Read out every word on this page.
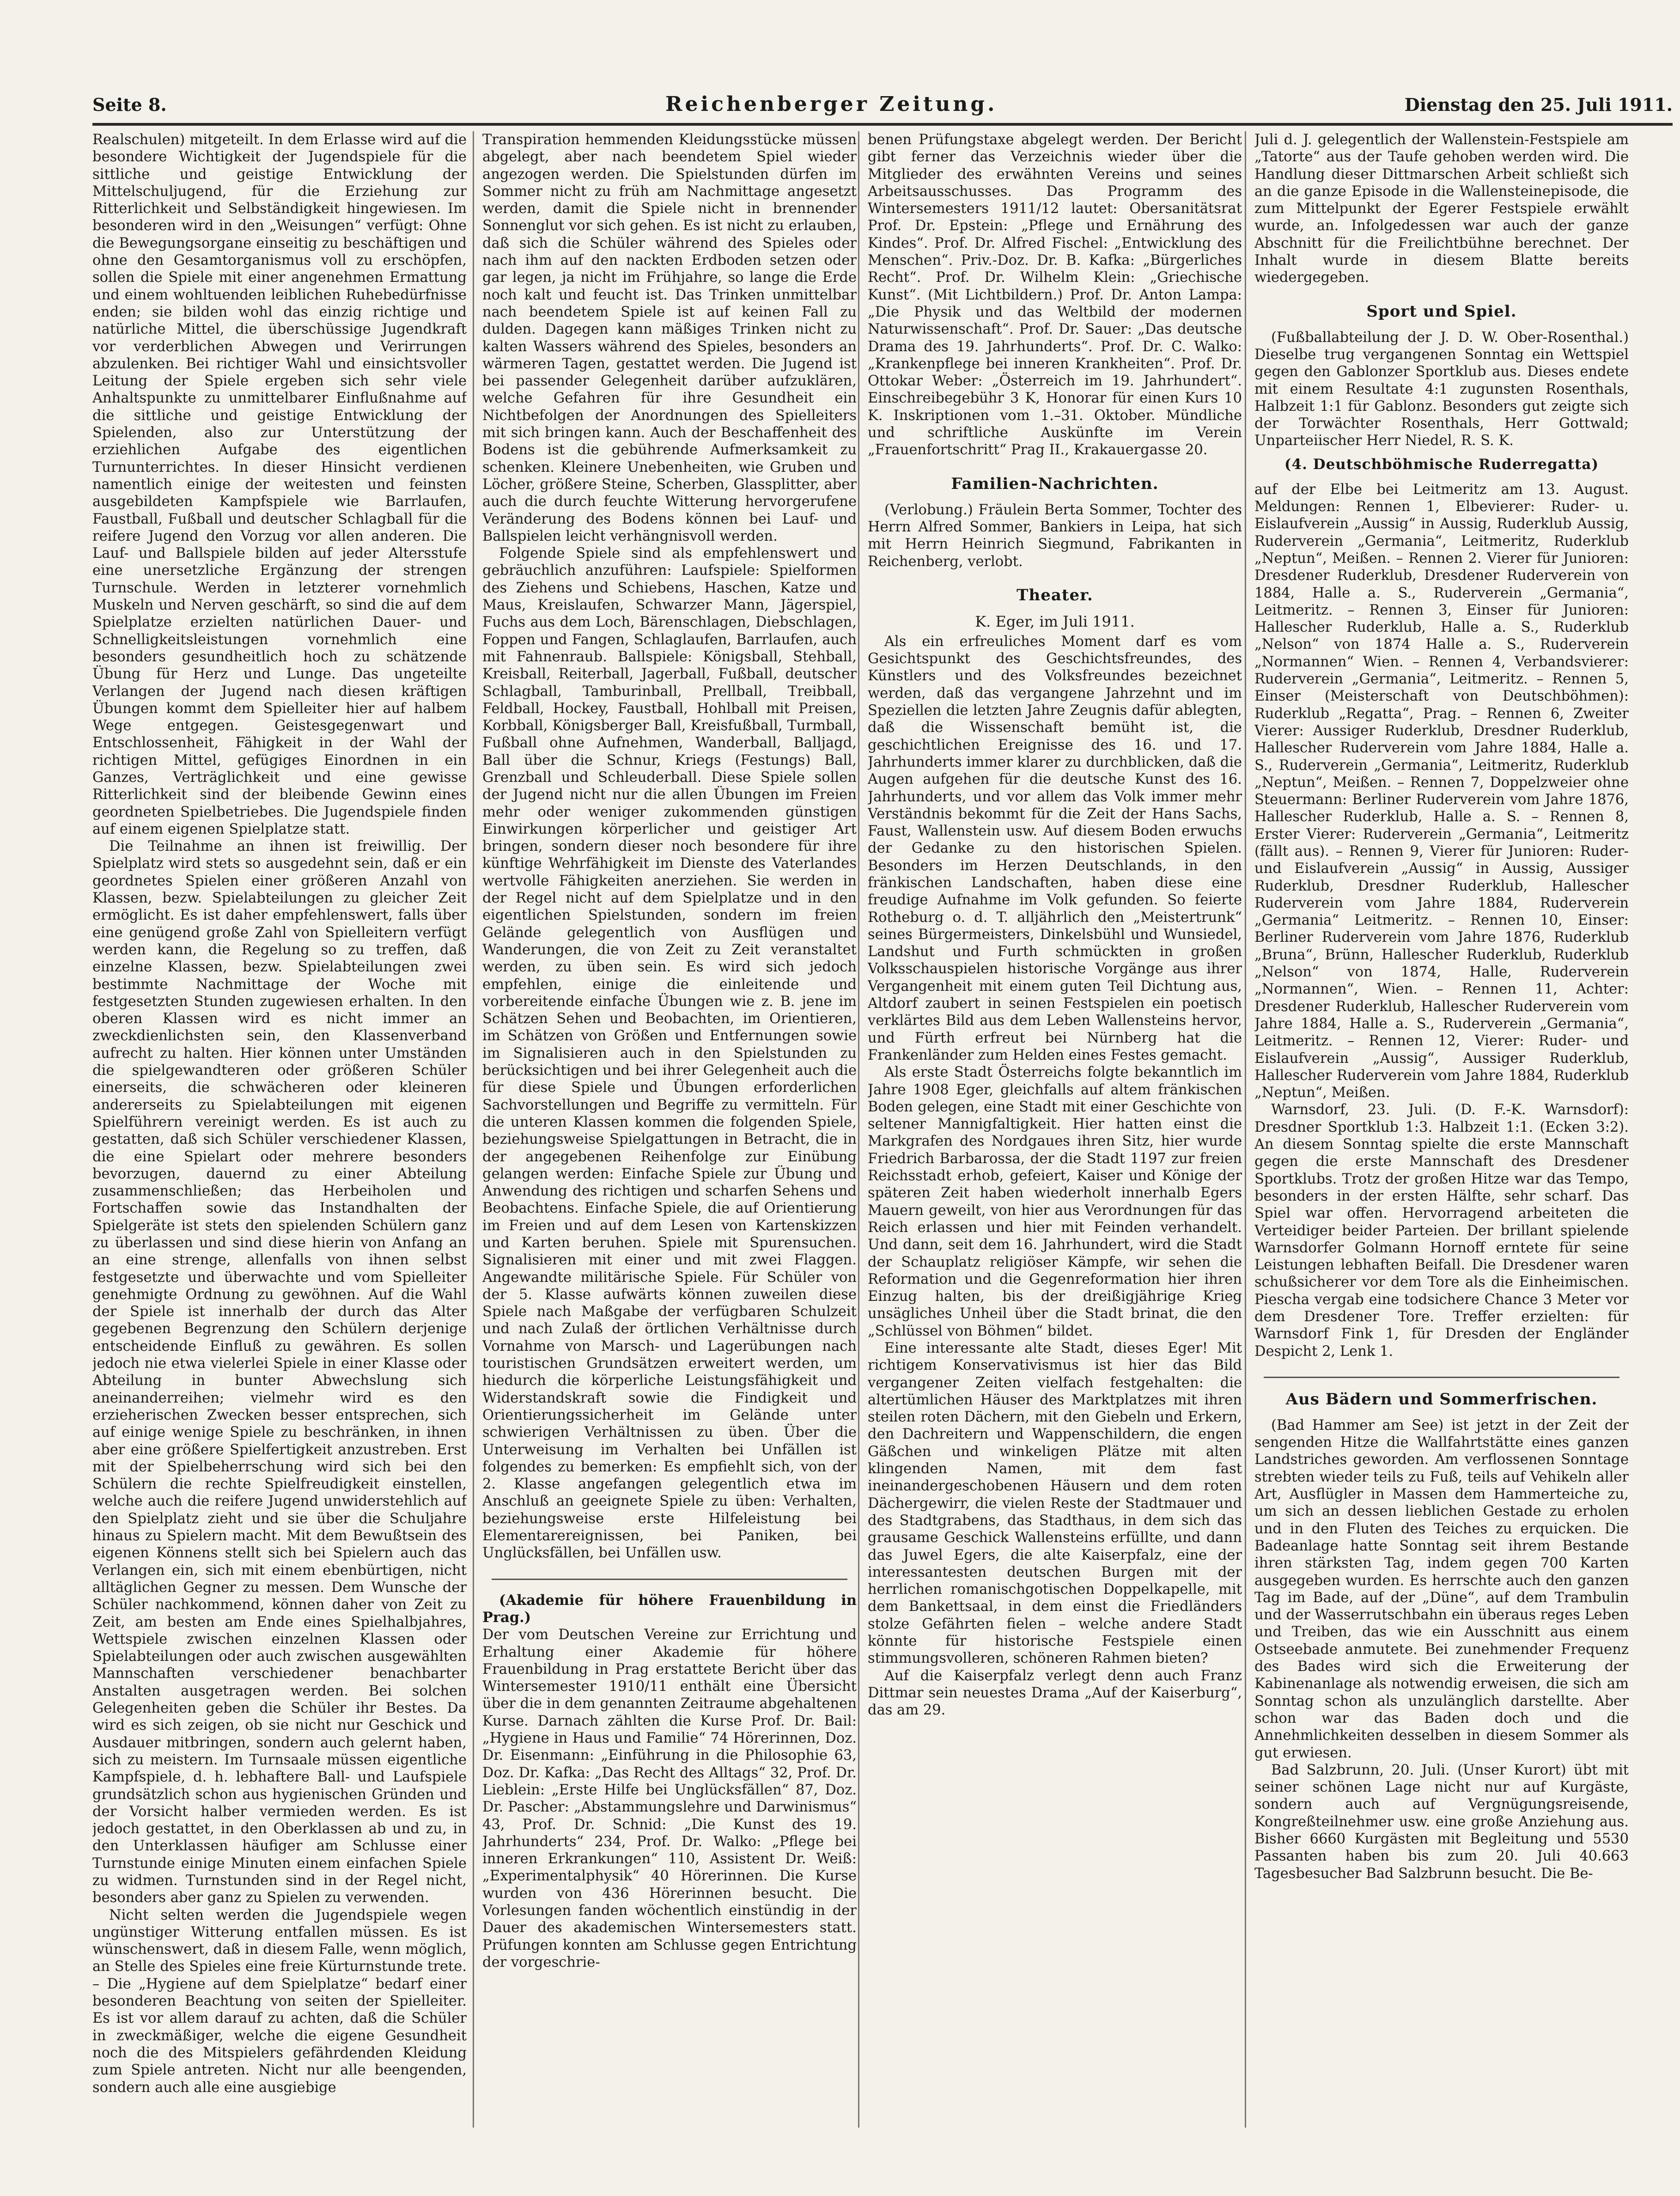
Seite 8.	Reichenberger Zeitung.	Dienstag den 25. Juli 1911.

Realschulen) mitgeteilt. In dem Erlasse wird auf die besondere Wichtigkeit der Jugendspiele für die sittliche und geistige Entwicklung der Mittelschuljugend, für die Erziehung zur Ritterlichkeit und Selbständigkeit hingewiesen. Im besonderen wird in den „Weisungen“ verfügt: Ohne die Bewegungsorgane einseitig zu beschäftigen und ohne den Gesamtorganismus voll zu erschöpfen, sollen die Spiele mit einer angenehmen Ermattung und einem wohltuenden leiblichen Ruhebedürfnisse enden; sie bilden wohl das einzig richtige und natürliche Mittel, die überschüssige Jugendkraft vor verderblichen Abwegen und Verirrungen abzulenken. Bei richtiger Wahl und einsichtsvoller Leitung der Spiele ergeben sich sehr viele Anhaltspunkte zu unmittelbarer Einflußnahme auf die sittliche und geistige Entwicklung der Spielenden, also zur Unterstützung der erziehlichen Aufgabe des eigentlichen Turnunterrichtes. In dieser Hinsicht verdienen namentlich einige der weitesten und feinsten ausgebildeten Kampfspiele wie Barrlaufen, Faustball, Fußball und deutscher Schlagball für die reifere Jugend den Vorzug vor allen anderen. Die Lauf- und Ballspiele bilden auf jeder Altersstufe eine unersetzliche Ergänzung der strengen Turnschule. Werden in letzterer vornehmlich Muskeln und Nerven geschärft, so sind die auf dem Spielplatze erzielten natürlichen Dauer- und Schnelligkeitsleistungen vornehmlich eine besonders gesundheitlich hoch zu schätzende Übung für Herz und Lunge. Das ungeteilte Verlangen der Jugend nach diesen kräftigen Übungen kommt dem Spielleiter hier auf halbem Wege entgegen. Geistesgegenwart und Entschlossenheit, Fähigkeit in der Wahl der richtigen Mittel, gefügiges Einordnen in ein Ganzes, Verträglichkeit und eine gewisse Ritterlichkeit sind der bleibende Gewinn eines geordneten Spielbetriebes. Die Jugendspiele finden auf einem eigenen Spielplatze statt.

Die Teilnahme an ihnen ist freiwillig. Der Spielplatz wird stets so ausgedehnt sein, daß er ein geordnetes Spielen einer größeren Anzahl von Klassen, bezw. Spielabteilungen zu gleicher Zeit ermöglicht. Es ist daher empfehlenswert, falls über eine genügend große Zahl von Spielleitern verfügt werden kann, die Regelung so zu treffen, daß einzelne Klassen, bezw. Spielabteilungen zwei bestimmte Nachmittage der Woche mit festgesetzten Stunden zugewiesen erhalten. In den oberen Klassen wird es nicht immer an zweckdienlichsten sein, den Klassenverband aufrecht zu halten. Hier können unter Umständen die spielgewandteren oder größeren Schüler einerseits, die schwächeren oder kleineren andererseits zu Spielabteilungen mit eigenen Spielführern vereinigt werden. Es ist auch zu gestatten, daß sich Schüler verschiedener Klassen, die eine Spielart oder mehrere besonders bevorzugen, dauernd zu einer Abteilung zusammenschließen; das Herbeiholen und Fortschaffen sowie das Instandhalten der Spielgeräte ist stets den spielenden Schülern ganz zu überlassen und sind diese hierin von Anfang an an eine strenge, allenfalls von ihnen selbst festgesetzte und überwachte und vom Spielleiter genehmigte Ordnung zu gewöhnen. Auf die Wahl der Spiele ist innerhalb der durch das Alter gegebenen Begrenzung den Schülern derjenige entscheidende Einfluß zu gewähren. Es sollen jedoch nie etwa vielerlei Spiele in einer Klasse oder Abteilung in bunter Abwechslung sich aneinanderreihen; vielmehr wird es den erzieherischen Zwecken besser entsprechen, sich auf einige wenige Spiele zu beschränken, in ihnen aber eine größere Spielfertigkeit anzustreben. Erst mit der Spielbeherrschung wird sich bei den Schülern die rechte Spielfreudigkeit einstellen, welche auch die reifere Jugend unwiderstehlich auf den Spielplatz zieht und sie über die Schuljahre hinaus zu Spielern macht. Mit dem Bewußtsein des eigenen Könnens stellt sich bei Spielern auch das Verlangen ein, sich mit einem ebenbürtigen, nicht alltäglichen Gegner zu messen. Dem Wunsche der Schüler nachkommend, können daher von Zeit zu Zeit, am besten am Ende eines Spielhalbjahres, Wettspiele zwischen einzelnen Klassen oder Spielabteilungen oder auch zwischen ausgewählten Mannschaften verschiedener benachbarter Anstalten ausgetragen werden. Bei solchen Gelegenheiten geben die Schüler ihr Bestes. Da wird es sich zeigen, ob sie nicht nur Geschick und Ausdauer mitbringen, sondern auch gelernt haben, sich zu meistern. Im Turnsaale müssen eigentliche Kampfspiele, d. h. lebhaftere Ball- und Laufspiele grundsätzlich schon aus hygienischen Gründen und der Vorsicht halber vermieden werden. Es ist jedoch gestattet, in den Oberklassen ab und zu, in den Unterklassen häufiger am Schlusse einer Turnstunde einige Minuten einem einfachen Spiele zu widmen. Turnstunden sind in der Regel nicht, besonders aber ganz zu Spielen zu verwenden.

Nicht selten werden die Jugendspiele wegen ungünstiger Witterung entfallen müssen. Es ist wünschenswert, daß in diesem Falle, wenn möglich, an Stelle des Spieles eine freie Kürturnstunde trete. – Die „Hygiene auf dem Spielplatze“ bedarf einer besonderen Beachtung von seiten der Spielleiter. Es ist vor allem darauf zu achten, daß die Schüler in zweckmäßiger, welche die eigene Gesundheit noch die des Mitspielers gefährdenden Kleidung zum Spiele antreten. Nicht nur alle beengenden, sondern auch alle eine ausgiebige

Transpiration hemmenden Kleidungsstücke müssen abgelegt, aber nach beendetem Spiel wieder angezogen werden. Die Spielstunden dürfen im Sommer nicht zu früh am Nachmittage angesetzt werden, damit die Spiele nicht in brennender Sonnenglut vor sich gehen. Es ist nicht zu erlauben, daß sich die Schüler während des Spieles oder nach ihm auf den nackten Erdboden setzen oder gar legen, ja nicht im Frühjahre, so lange die Erde noch kalt und feucht ist. Das Trinken unmittelbar nach beendetem Spiele ist auf keinen Fall zu dulden. Dagegen kann mäßiges Trinken nicht zu kalten Wassers während des Spieles, besonders an wärmeren Tagen, gestattet werden. Die Jugend ist bei passender Gelegenheit darüber aufzuklären, welche Gefahren für ihre Gesundheit ein Nichtbefolgen der Anordnungen des Spielleiters mit sich bringen kann. Auch der Beschaffenheit des Bodens ist die gebührende Aufmerksamkeit zu schenken. Kleinere Unebenheiten, wie Gruben und Löcher, größere Steine, Scherben, Glassplitter, aber auch die durch feuchte Witterung hervorgerufene Veränderung des Bodens können bei Lauf- und Ballspielen leicht verhängnisvoll werden.

Folgende Spiele sind als empfehlenswert und gebräuchlich anzuführen: Laufspiele: Spielformen des Ziehens und Schiebens, Haschen, Katze und Maus, Kreislaufen, Schwarzer Mann, Jägerspiel, Fuchs aus dem Loch, Bärenschlagen, Diebschlagen, Foppen und Fangen, Schlaglaufen, Barrlaufen, auch mit Fahnenraub. Ballspiele: Königsball, Stehball, Kreisball, Reiterball, Jagerball, Fußball, deutscher Schlagball, Tamburinball, Prellball, Treibball, Feldball, Hockey, Faustball, Hohlball mit Preisen, Korbball, Königsberger Ball, Kreisfußball, Turmball, Fußball ohne Aufnehmen, Wanderball, Balljagd, Ball über die Schnur, Kriegs (Festungs) Ball, Grenzball und Schleuderball. Diese Spiele sollen der Jugend nicht nur die allen Übungen im Freien mehr oder weniger zukommenden günstigen Einwirkungen körperlicher und geistiger Art bringen, sondern dieser noch besondere für ihre künftige Wehrfähigkeit im Dienste des Vaterlandes wertvolle Fähigkeiten anerziehen. Sie werden in der Regel nicht auf dem Spielplatze und in den eigentlichen Spielstunden, sondern im freien Gelände gelegentlich von Ausflügen und Wanderungen, die von Zeit zu Zeit veranstaltet werden, zu üben sein. Es wird sich jedoch empfehlen, einige die einleitende und vorbereitende einfache Übungen wie z. B. jene im Schätzen Sehen und Beobachten, im Orientieren, im Schätzen von Größen und Entfernungen sowie im Signalisieren auch in den Spielstunden zu berücksichtigen und bei ihrer Gelegenheit auch die für diese Spiele und Übungen erforderlichen Sachvorstellungen und Begriffe zu vermitteln. Für die unteren Klassen kommen die folgenden Spiele, beziehungsweise Spielgattungen in Betracht, die in der angegebenen Reihenfolge zur Einübung gelangen werden: Einfache Spiele zur Übung und Anwendung des richtigen und scharfen Sehens und Beobachtens. Einfache Spiele, die auf Orientierung im Freien und auf dem Lesen von Kartenskizzen und Karten beruhen. Spiele mit Spurensuchen. Signalisieren mit einer und mit zwei Flaggen. Angewandte militärische Spiele. Für Schüler von der 5. Klasse aufwärts können zuweilen diese Spiele nach Maßgabe der verfügbaren Schulzeit und nach Zulaß der örtlichen Verhältnisse durch Vornahme von Marsch- und Lagerübungen nach touristischen Grundsätzen erweitert werden, um hiedurch die körperliche Leistungsfähigkeit und Widerstandskraft sowie die Findigkeit und Orientierungssicherheit im Gelände unter schwierigen Verhältnissen zu üben. Über die Unterweisung im Verhalten bei Unfällen ist folgendes zu bemerken: Es empfiehlt sich, von der 2. Klasse angefangen gelegentlich etwa im Anschluß an geeignete Spiele zu üben: Verhalten, beziehungsweise erste Hilfeleistung bei Elementarereignissen, bei Paniken, bei Unglücksfällen, bei Unfällen usw.

(Akademie für höhere Frauenbildung in Prag.)

Der vom Deutschen Vereine zur Errichtung und Erhaltung einer Akademie für höhere Frauenbildung in Prag erstattete Bericht über das Wintersemester 1910/11 enthält eine Übersicht über die in dem genannten Zeitraume abgehaltenen Kurse. Darnach zählten die Kurse Prof. Dr. Bail: „Hygiene in Haus und Familie“ 74 Hörerinnen, Doz. Dr. Eisenmann: „Einführung in die Philosophie 63, Doz. Dr. Kafka: „Das Recht des Alltags“ 32, Prof. Dr. Lieblein: „Erste Hilfe bei Unglücksfällen“ 87, Doz. Dr. Pascher: „Abstammungslehre und Darwinismus“ 43, Prof. Dr. Schnid: „Die Kunst des 19. Jahrhunderts“ 234, Prof. Dr. Walko: „Pflege bei inneren Erkrankungen“ 110, Assistent Dr. Weiß: „Experimentalphysik“ 40 Hörerinnen. Die Kurse wurden von 436 Hörerinnen besucht. Die Vorlesungen fanden wöchentlich einstündig in der Dauer des akademischen Wintersemesters statt. Prüfungen konnten am Schlusse gegen Entrichtung der vorgeschrie-

benen Prüfungstaxe abgelegt werden. Der Bericht gibt ferner das Verzeichnis wieder über die Mitglieder des erwähnten Vereins und seines Arbeitsausschusses. Das Programm des Wintersemesters 1911/12 lautet: Obersanitätsrat Prof. Dr. Epstein: „Pflege und Ernährung des Kindes“. Prof. Dr. Alfred Fischel: „Entwicklung des Menschen“. Priv.-Doz. Dr. B. Kafka: „Bürgerliches Recht“. Prof. Dr. Wilhelm Klein: „Griechische Kunst“. (Mit Lichtbildern.) Prof. Dr. Anton Lampa: „Die Physik und das Weltbild der modernen Naturwissenschaft“. Prof. Dr. Sauer: „Das deutsche Drama des 19. Jahrhunderts“. Prof. Dr. C. Walko: „Krankenpflege bei inneren Krankheiten“. Prof. Dr. Ottokar Weber: „Österreich im 19. Jahrhundert“. Einschreibegebühr 3 K, Honorar für einen Kurs 10 K. Inskriptionen vom 1.–31. Oktober. Mündliche und schriftliche Auskünfte im Verein „Frauenfortschritt“ Prag II., Krakauergasse 20.

Familien-Nachrichten.

(Verlobung.) Fräulein Berta Sommer, Tochter des Herrn Alfred Sommer, Bankiers in Leipa, hat sich mit Herrn Heinrich Siegmund, Fabrikanten in Reichenberg, verlobt.

Theater.
K. Eger, im Juli 1911.

Als ein erfreuliches Moment darf es vom Gesichtspunkt des Geschichtsfreundes, des Künstlers und des Volksfreundes bezeichnet werden, daß das vergangene Jahrzehnt und im Speziellen die letzten Jahre Zeugnis dafür ablegten, daß die Wissenschaft bemüht ist, die geschichtlichen Ereignisse des 16. und 17. Jahrhunderts immer klarer zu durchblicken, daß die Augen aufgehen für die deutsche Kunst des 16. Jahrhunderts, und vor allem das Volk immer mehr Verständnis bekommt für die Zeit der Hans Sachs, Faust, Wallenstein usw. Auf diesem Boden erwuchs der Gedanke zu den historischen Spielen. Besonders im Herzen Deutschlands, in den fränkischen Landschaften, haben diese eine freudige Aufnahme im Volk gefunden. So feierte Rotheburg o. d. T. alljährlich den „Meistertrunk“ seines Bürgermeisters, Dinkelsbühl und Wunsiedel, Landshut und Furth schmückten in großen Volksschauspielen historische Vorgänge aus ihrer Vergangenheit mit einem guten Teil Dichtung aus, Altdorf zaubert in seinen Festspielen ein poetisch verklärtes Bild aus dem Leben Wallensteins hervor, und Fürth erfreut bei Nürnberg hat die Frankenländer zum Helden eines Festes gemacht.

Als erste Stadt Österreichs folgte bekanntlich im Jahre 1908 Eger, gleichfalls auf altem fränkischen Boden gelegen, eine Stadt mit einer Geschichte von seltener Mannigfaltigkeit. Hier hatten einst die Markgrafen des Nordgaues ihren Sitz, hier wurde Friedrich Barbarossa, der die Stadt 1197 zur freien Reichsstadt erhob, gefeiert, Kaiser und Könige der späteren Zeit haben wiederholt innerhalb Egers Mauern geweilt, von hier aus Verordnungen für das Reich erlassen und hier mit Feinden verhandelt. Und dann, seit dem 16. Jahrhundert, wird die Stadt der Schauplatz religiöser Kämpfe, wir sehen die Reformation und die Gegenreformation hier ihren Einzug halten, bis der dreißigjährige Krieg unsägliches Unheil über die Stadt brinat, die den „Schlüssel von Böhmen“ bildet.

Eine interessante alte Stadt, dieses Eger! Mit richtigem Konservativismus ist hier das Bild vergangener Zeiten vielfach festgehalten: die altertümlichen Häuser des Marktplatzes mit ihren steilen roten Dächern, mit den Giebeln und Erkern, den Dachreitern und Wappenschildern, die engen Gäßchen und winkeligen Plätze mit alten klingenden Namen, mit dem fast ineinandergeschobenen Häusern und dem roten Dächergewirr, die vielen Reste der Stadtmauer und des Stadtgrabens, das Stadthaus, in dem sich das grausame Geschick Wallensteins erfüllte, und dann das Juwel Egers, die alte Kaiserpfalz, eine der interessantesten deutschen Burgen mit der herrlichen romanischgotischen Doppelkapelle, mit dem Bankettsaal, in dem einst die Friedländers stolze Gefährten fielen – welche andere Stadt könnte für historische Festspiele einen stimmungsvolleren, schöneren Rahmen bieten?

Auf die Kaiserpfalz verlegt denn auch Franz Dittmar sein neuestes Drama „Auf der Kaiserburg“, das am 29.

Juli d. J. gelegentlich der Wallenstein-Festspiele am „Tatorte“ aus der Taufe gehoben werden wird. Die Handlung dieser Dittmarschen Arbeit schließt sich an die ganze Episode in die Wallensteinepisode, die zum Mittelpunkt der Egerer Festspiele erwählt wurde, an. Infolgedessen war auch der ganze Abschnitt für die Freilichtbühne berechnet. Der Inhalt wurde in diesem Blatte bereits wiedergegeben.

Sport und Spiel.

(Fußballabteilung der J. D. W. Ober-Rosenthal.) Dieselbe trug vergangenen Sonntag ein Wettspiel gegen den Gablonzer Sportklub aus. Dieses endete mit einem Resultate 4:1 zugunsten Rosenthals, Halbzeit 1:1 für Gablonz. Besonders gut zeigte sich der Torwächter Rosenthals, Herr Gottwald; Unparteiischer Herr Niedel, R. S. K.

(4. Deutschböhmische Ruderregatta)

auf der Elbe bei Leitmeritz am 13. August. Meldungen: Rennen 1, Elbevierer: Ruder- u. Eislaufverein „Aussig“ in Aussig, Ruderklub Aussig, Ruderverein „Germania“, Leitmeritz, Ruderklub „Neptun“, Meißen. – Rennen 2. Vierer für Junioren: Dresdener Ruderklub, Dresdener Ruderverein von 1884, Halle a. S., Ruderverein „Germania“, Leitmeritz. – Rennen 3, Einser für Junioren: Hallescher Ruderklub, Halle a. S., Ruderklub „Nelson“ von 1874 Halle a. S., Ruderverein „Normannen“ Wien. – Rennen 4, Verbandsvierer: Ruderverein „Germania“, Leitmeritz. – Rennen 5, Einser (Meisterschaft von Deutschböhmen): Ruderklub „Regatta“, Prag. – Rennen 6, Zweiter Vierer: Aussiger Ruderklub, Dresdner Ruderklub, Hallescher Ruderverein vom Jahre 1884, Halle a. S., Ruderverein „Germania“, Leitmeritz, Ruderklub „Neptun“, Meißen. – Rennen 7, Doppelzweier ohne Steuermann: Berliner Ruderverein vom Jahre 1876, Hallescher Ruderklub, Halle a. S. – Rennen 8, Erster Vierer: Ruderverein „Germania“, Leitmeritz (fällt aus). – Rennen 9, Vierer für Junioren: Ruder- und Eislaufverein „Aussig“ in Aussig, Aussiger Ruderklub, Dresdner Ruderklub, Hallescher Ruderverein vom Jahre 1884, Ruderverein „Germania“ Leitmeritz. – Rennen 10, Einser: Berliner Ruderverein vom Jahre 1876, Ruderklub „Bruna“, Brünn, Hallescher Ruderklub, Ruderklub „Nelson“ von 1874, Halle, Ruderverein „Normannen“, Wien. – Rennen 11, Achter: Dresdener Ruderklub, Hallescher Ruderverein vom Jahre 1884, Halle a. S., Ruderverein „Germania“, Leitmeritz. – Rennen 12, Vierer: Ruder- und Eislaufverein „Aussig“, Aussiger Ruderklub, Hallescher Ruderverein vom Jahre 1884, Ruderklub „Neptun“, Meißen.

Warnsdorf, 23. Juli. (D. F.-K. Warnsdorf): Dresdner Sportklub 1:3. Halbzeit 1:1. (Ecken 3:2). An diesem Sonntag spielte die erste Mannschaft gegen die erste Mannschaft des Dresdener Sportklubs. Trotz der großen Hitze war das Tempo, besonders in der ersten Hälfte, sehr scharf. Das Spiel war offen. Hervorragend arbeiteten die Verteidiger beider Parteien. Der brillant spielende Warnsdorfer Golmann Hornoff erntete für seine Leistungen lebhaften Beifall. Die Dresdener waren schußsicherer vor dem Tore als die Einheimischen. Piescha vergab eine todsichere Chance 3 Meter vor dem Dresdener Tore. Treffer erzielten: für Warnsdorf Fink 1, für Dresden der Engländer Despicht 2, Lenk 1.

Aus Bädern und Sommerfrischen.

(Bad Hammer am See) ist jetzt in der Zeit der sengenden Hitze die Wallfahrtstätte eines ganzen Landstriches geworden. Am verflossenen Sonntage strebten wieder teils zu Fuß, teils auf Vehikeln aller Art, Ausflügler in Massen dem Hammerteiche zu, um sich an dessen lieblichen Gestade zu erholen und in den Fluten des Teiches zu erquicken. Die Badeanlage hatte Sonntag seit ihrem Bestande ihren stärksten Tag, indem gegen 700 Karten ausgegeben wurden. Es herrschte auch den ganzen Tag im Bade, auf der „Düne“, auf dem Trambulin und der Wasserrutschbahn ein überaus reges Leben und Treiben, das wie ein Ausschnitt aus einem Ostseebade anmutete. Bei zunehmender Frequenz des Bades wird sich die Erweiterung der Kabinenanlage als notwendig erweisen, die sich am Sonntag schon als unzulänglich darstellte. Aber schon war das Baden doch und die Annehmlichkeiten desselben in diesem Sommer als gut erwiesen.

Bad Salzbrunn, 20. Juli. (Unser Kurort) übt mit seiner schönen Lage nicht nur auf Kurgäste, sondern auch auf Vergnügungsreisende, Kongreßteilnehmer usw. eine große Anziehung aus. Bisher 6660 Kurgästen mit Begleitung und 5530 Passanten haben bis zum 20. Juli 40.663 Tagesbesucher Bad Salzbrunn besucht. Die Be-
